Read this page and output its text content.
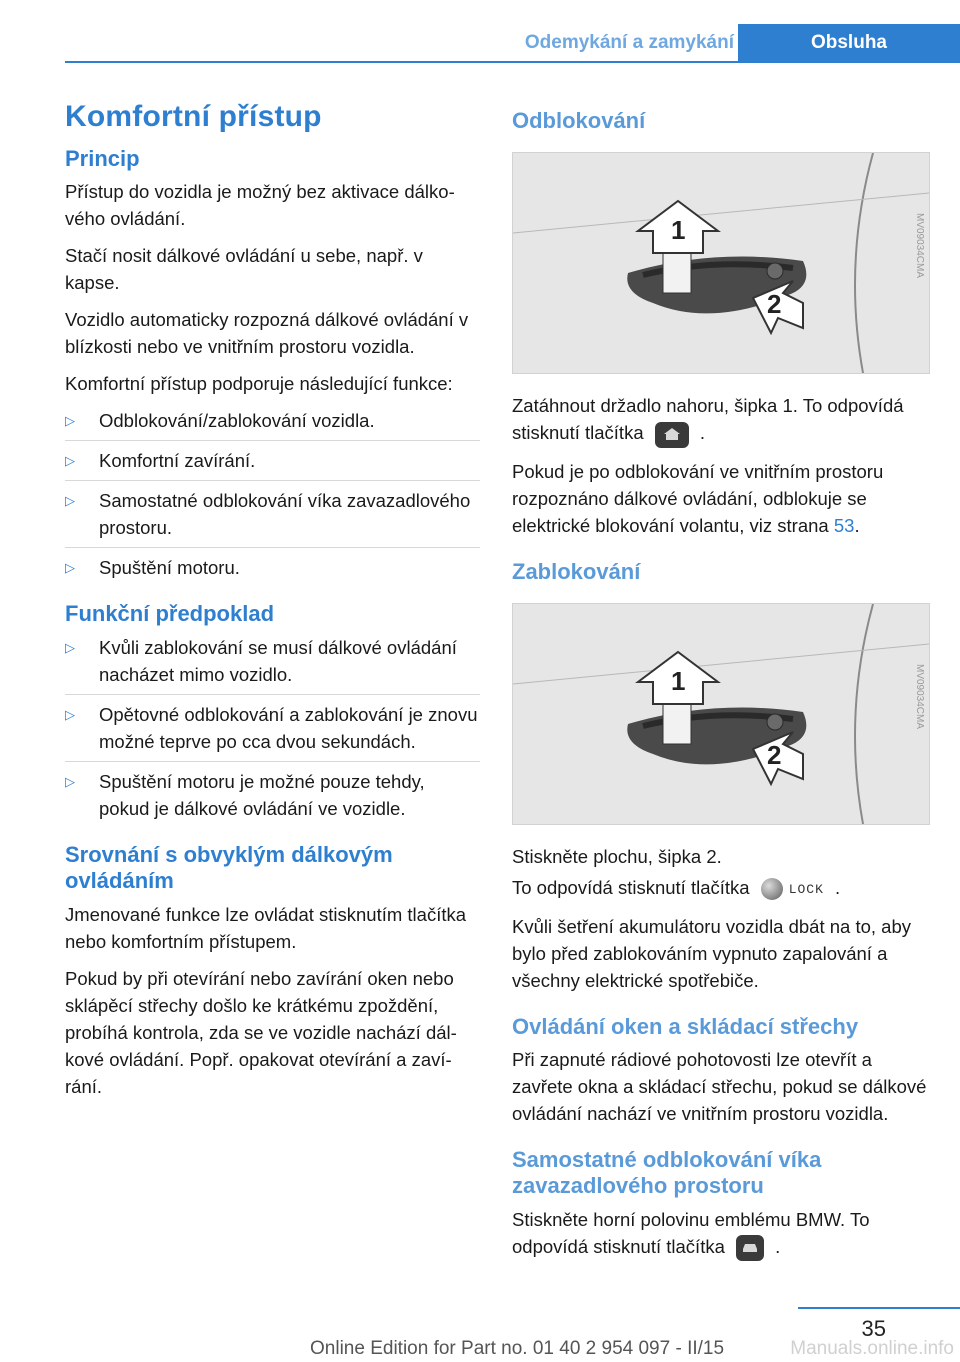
Odemykání a zamykání	Obsluha
Komfortní přístup
Princip

Přístup do vozidla je možný bez aktivace dálkového ovládání.

Stačí nosit dálkové ovládání u sebe, např. v kapse.

Vozidlo automaticky rozpozná dálkové ovládání v blízkosti nebo ve vnitřním prostoru vozidla.

Komfortní přístup podporuje následující funkce:

▷ Odblokování/zablokování vozidla.
▷ Komfortní zavírání.
▷ Samostatné odblokování víka zavazadlového prostoru.
▷ Spuštění motoru.
Funkční předpoklad
▷ Kvůli zablokování se musí dálkové ovládání nacházet mimo vozidlo.
▷ Opětovné odblokování a zablokování je znovu možné teprve po cca dvou sekundách.
▷ Spuštění motoru je možné pouze tehdy, pokud je dálkové ovládání ve vozidle.
Srovnání s obvyklým dálkovým ovládáním

Jmenované funkce lze ovládat stisknutím tlačítka nebo komfortním přístupem.

Pokud by při otevírání nebo zavírání oken nebo sklápěcí střechy došlo ke krátkému zpoždění, probíhá kontrola, zda se ve vozidle nachází dálkové ovládání. Popř. opakovat otevírání a zavírání.

Odblokování
1
2
MV09034CMA

Zatáhnout držadlo nahoru, šipka 1. To odpovídá stisknutí tlačítka	.

Pokud je po odblokování ve vnitřním prostoru rozpoznáno dálkové ovládání, odblokuje se elektrické blokování volantu, viz strana 53.

Zablokování
1
2
MV09034CMA

Stiskněte plochu, šipka 2.

To odpovídá stisknutí tlačítka	LOCK .

Kvůli šetření akumulátoru vozidla dbát na to, aby bylo před zablokováním vypnuto zapalování a všechny elektrické spotřebiče.

Ovládání oken a skládací střechy

Při zapnuté rádiové pohotovosti lze otevřít a zavřete okna a skládací střechu, pokud se dálkové ovládání nachází ve vnitřním prostoru vozidla.

Samostatné odblokování víka zavazadlového prostoru

Stiskněte horní polovinu emblému BMW. To odpovídá stisknutí tlačítka	.

35
Online Edition for Part no. 01 40 2 954 097 - II/15	Manuals.online.info
